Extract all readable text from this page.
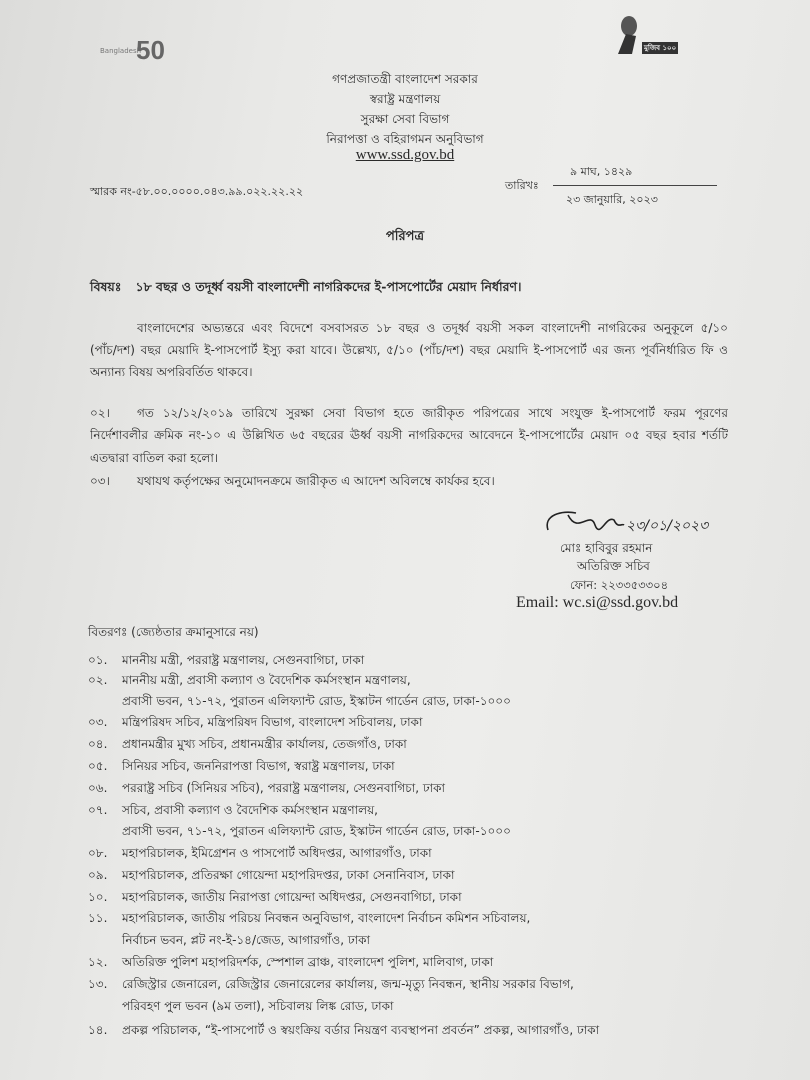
Bangladesh
50	মুজিব ১০০
গণপ্রজাতন্ত্রী বাংলাদেশ সরকার
স্বরাষ্ট্র মন্ত্রণালয়
সুরক্ষা সেবা বিভাগ
নিরাপত্তা ও বহিরাগমন অনুবিভাগ
www.ssd.gov.bd
স্মারক নং-৫৮.০০.০০০০.০৪৩.৯৯.০২২.২২.২২
৯ মাঘ, ১৪২৯
তারিখঃ
২৩ জানুয়ারি, ২০২৩
পরিপত্র
বিষয়ঃ ১৮ বছর ও তদূর্ধ্ব বয়সী বাংলাদেশী নাগরিকদের ই-পাসপোর্টের মেয়াদ নির্ধারণ।
বাংলাদেশের অভ্যন্তরে এবং বিদেশে বসবাসরত ১৮ বছর ও তদূর্ধ্ব বয়সী সকল বাংলাদেশী নাগরিকের অনুকূলে ৫/১০
(পাঁচ/দশ) বছর মেয়াদি ই-পাসপোর্ট ইস্যু করা যাবে। উল্লেখ্য, ৫/১০ (পাঁচ/দশ) বছর মেয়াদি ই-পাসপোর্ট এর জন্য পূর্বনির্ধারিত ফি ও
অন্যান্য বিষয় অপরিবর্তিত থাকবে।
০২। গত ১২/১২/২০১৯ তারিখে সুরক্ষা সেবা বিভাগ হতে জারীকৃত পরিপত্রের সাথে সংযুক্ত ই-পাসপোর্ট ফরম পূরণের
নির্দেশাবলীর ক্রমিক নং-১০ এ উল্লিখিত ৬৫ বছরের ঊর্ধ্ব বয়সী নাগরিকদের আবেদনে ই-পাসপোর্টের মেয়াদ ০৫ বছর হবার শর্তটি
এতদ্বারা বাতিল করা হলো।
০৩। যথাযথ কর্তৃপক্ষের অনুমোদনক্রমে জারীকৃত এ আদেশ অবিলম্বে কার্যকর হবে।
২৩/০১/২০২৩
মোঃ হাবিবুর রহমান
অতিরিক্ত সচিব
ফোন: ২২৩৩৫৩৩০৪
Email: wc.si@ssd.gov.bd
বিতরণঃ (জ্যেষ্ঠতার ক্রমানুসারে নয়)
০১. মাননীয় মন্ত্রী, পররাষ্ট্র মন্ত্রণালয়, সেগুনবাগিচা, ঢাকা
০২. মাননীয় মন্ত্রী, প্রবাসী কল্যাণ ও বৈদেশিক কর্মসংস্থান মন্ত্রণালয়,
প্রবাসী ভবন, ৭১-৭২, পুরাতন এলিফ্যান্ট রোড, ইস্কাটন গার্ডেন রোড, ঢাকা-১০০০
০৩. মন্ত্রিপরিষদ সচিব, মন্ত্রিপরিষদ বিভাগ, বাংলাদেশ সচিবালয়, ঢাকা
০৪. প্রধানমন্ত্রীর মুখ্য সচিব, প্রধানমন্ত্রীর কার্যালয়, তেজগাঁও, ঢাকা
০৫. সিনিয়র সচিব, জননিরাপত্তা বিভাগ, স্বরাষ্ট্র মন্ত্রণালয়, ঢাকা
০৬. পররাষ্ট্র সচিব (সিনিয়র সচিব), পররাষ্ট্র মন্ত্রণালয়, সেগুনবাগিচা, ঢাকা
০৭. সচিব, প্রবাসী কল্যাণ ও বৈদেশিক কর্মসংস্থান মন্ত্রণালয়,
প্রবাসী ভবন, ৭১-৭২, পুরাতন এলিফ্যান্ট রোড, ইস্কাটন গার্ডেন রোড, ঢাকা-১০০০
০৮. মহাপরিচালক, ইমিগ্রেশন ও পাসপোর্ট অধিদপ্তর, আগারগাঁও, ঢাকা
০৯. মহাপরিচালক, প্রতিরক্ষা গোয়েন্দা মহাপরিদপ্তর, ঢাকা সেনানিবাস, ঢাকা
১০. মহাপরিচালক, জাতীয় নিরাপত্তা গোয়েন্দা অধিদপ্তর, সেগুনবাগিচা, ঢাকা
১১. মহাপরিচালক, জাতীয় পরিচয় নিবন্ধন অনুবিভাগ, বাংলাদেশ নির্বাচন কমিশন সচিবালয়,
নির্বাচন ভবন, প্লট নং-ই-১৪/জেড, আগারগাঁও, ঢাকা
১২. অতিরিক্ত পুলিশ মহাপরিদর্শক, স্পেশাল ব্রাঞ্চ, বাংলাদেশ পুলিশ, মালিবাগ, ঢাকা
১৩. রেজিস্ট্রার জেনারেল, রেজিস্ট্রার জেনারেলের কার্যালয়, জন্ম-মৃত্যু নিবন্ধন, স্থানীয় সরকার বিভাগ,
পরিবহণ পুল ভবন (৯ম তলা), সচিবালয় লিঙ্ক রোড, ঢাকা
১৪. প্রকল্প পরিচালক, “ই-পাসপোর্ট ও স্বয়ংক্রিয় বর্ডার নিয়ন্ত্রণ ব্যবস্থাপনা প্রবর্তন” প্রকল্প, আগারগাঁও, ঢাকা
